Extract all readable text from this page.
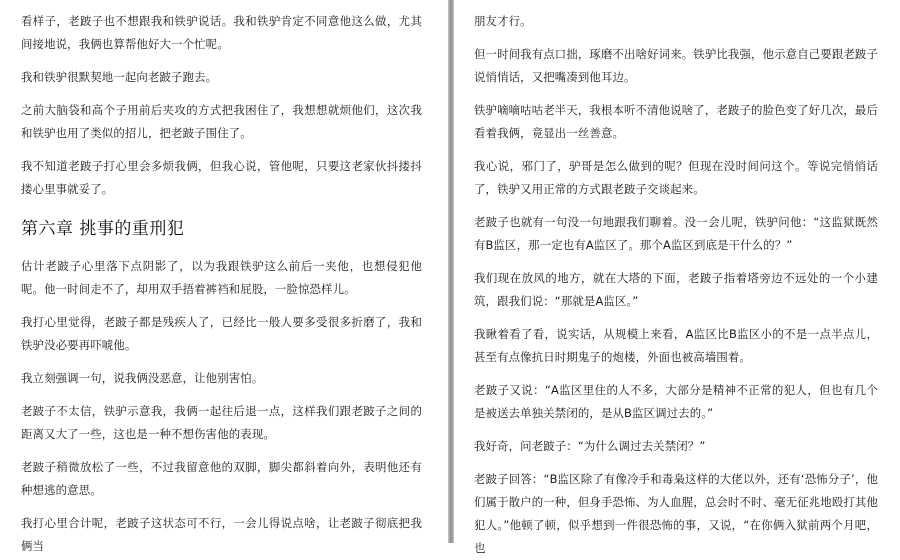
看样子，老跛子也不想跟我和铁驴说话。我和铁驴肯定不同意他这么做，尤其间接地说，我俩也算帮他好大一个忙呢。

我和铁驴很默契地一起向老跛子跑去。

之前大脑袋和高个子用前后夹攻的方式把我困住了，我想想就烦他们，这次我和铁驴也用了类似的招儿，把老跛子围住了。

我不知道老跛子打心里会多烦我俩，但我心说，管他呢，只要这老家伙抖搂抖搂心里事就妥了。

第六章 挑事的重刑犯

估计老跛子心里落下点阴影了，以为我跟铁驴这么前后一夹他，也想侵犯他呢。他一时间走不了，却用双手捂着裤裆和屁股，一脸惊恐样儿。

我打心里觉得，老跛子都是残疾人了，已经比一般人要多受很多折磨了，我和铁驴没必要再吓唬他。

我立刻强调一句，说我俩没恶意，让他别害怕。

老跛子不太信，铁驴示意我，我俩一起往后退一点，这样我们跟老跛子之间的距离又大了一些，这也是一种不想伤害他的表现。

老跛子稍微放松了一些，不过我留意他的双脚，脚尖都斜着向外，表明他还有种想逃的意思。

我打心里合计呢，老跛子这状态可不行，一会儿得说点啥，让老跛子彻底把我俩当

朋友才行。

但一时间我有点口拙，琢磨不出啥好词来。铁驴比我强，他示意自己要跟老跛子说悄悄话，又把嘴凑到他耳边。

铁驴嘀嘀咕咕老半天，我根本听不清他说啥了，老跛子的脸色变了好几次，最后看着我俩，竟显出一丝善意。

我心说，邪门了，驴哥是怎么做到的呢？但现在没时间问这个。等说完悄悄话了，铁驴又用正常的方式跟老跛子交谈起来。

老跛子也就有一句没一句地跟我们聊着。没一会儿呢，铁驴问他：“这监狱既然有B监区，那一定也有A监区了。那个A监区到底是干什么的？”

我们现在放风的地方，就在大塔的下面，老跛子指着塔旁边不远处的一个小建筑，跟我们说：“那就是A监区。”

我瞅着看了看，说实话，从规模上来看，A监区比B监区小的不是一点半点儿，甚至有点像抗日时期鬼子的炮楼，外面也被高墙围着。

老跛子又说：“A监区里住的人不多，大部分是精神不正常的犯人，但也有几个是被送去单独关禁闭的，是从B监区调过去的。”

我好奇，问老跛子：“为什么调过去关禁闭？”

老跛子回答：“B监区除了有像冷手和毒枭这样的大佬以外，还有‘恐怖分子’，他们属于散户的一种，但身手恐怖、为人血腥，总会时不时、毫无征兆地殴打其他犯人。”他顿了顿，似乎想到一件很恐怖的事，又说，“在你俩入狱前两个月吧，也
